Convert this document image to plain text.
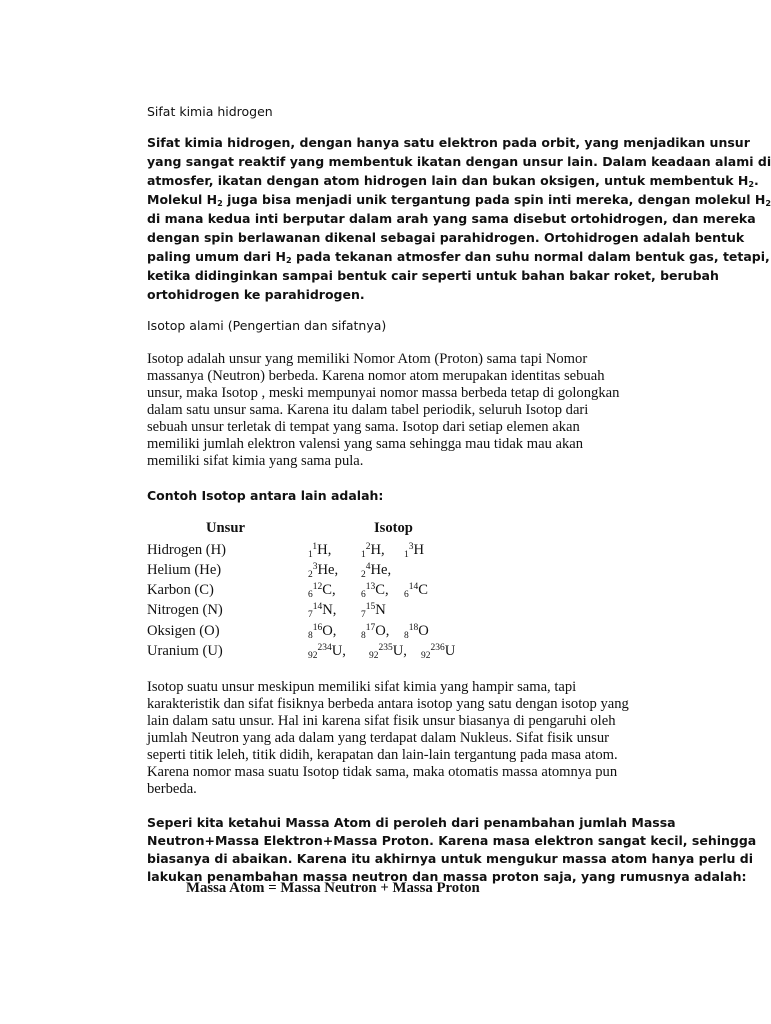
Sifat kimia hidrogen
Sifat kimia hidrogen, dengan hanya satu elektron pada orbit, yang menjadikan unsur
yang sangat reaktif yang membentuk ikatan dengan unsur lain. Dalam keadaan alami di
atmosfer, ikatan dengan atom hidrogen lain dan bukan oksigen, untuk membentuk $H_2$.
Molekul $H_2$ juga bisa menjadi unik tergantung pada spin inti mereka, dengan molekul $H_2$
di mana kedua inti berputar dalam arah yang sama disebut ortohidrogen, dan mereka
dengan spin berlawanan dikenal sebagai parahidrogen. Ortohidrogen adalah bentuk
paling umum dari $H_2$ pada tekanan atmosfer dan suhu normal dalam bentuk gas, tetapi,
ketika didinginkan sampai bentuk cair seperti untuk bahan bakar roket, berubah
ortohidrogen ke parahidrogen.
Isotop alami (Pengertian dan sifatnya)
Isotop adalah unsur yang memiliki Nomor Atom (Proton) sama tapi Nomor
massanya (Neutron) berbeda. Karena nomor atom merupakan identitas sebuah
unsur, maka Isotop , meski mempunyai nomor massa berbeda tetap di golongkan
dalam satu unsur sama. Karena itu dalam tabel periodik, seluruh Isotop dari
sebuah unsur terletak di tempat yang sama. Isotop dari setiap elemen akan
memiliki jumlah elektron valensi yang sama sehingga mau tidak mau akan
memiliki sifat kimia yang sama pula.
Contoh Isotop antara lain adalah:
Unsur	Isotop
Hidrogen (H)	$_1^1$H,	$_1^2$H, $_1^3$H
Helium (He)	$_2^3$He, $_2^4$He,
Karbon (C)	$_6^{12}$C,	$_6^{13}$C, $_6^{14}$C
Nitrogen (N)	$_7^{14}$N,	$_7^{15}$N
Oksigen (O)	$_8^{16}$O,	$_8^{17}$O, $_8^{18}$O
Uranium (U)	$_{92}^{234}$U, $_{92}^{235}$U, $_{92}^{236}$U
Isotop suatu unsur meskipun memiliki sifat kimia yang hampir sama, tapi
karakteristik dan sifat fisiknya berbeda antara isotop yang satu dengan isotop yang
lain dalam satu unsur. Hal ini karena sifat fisik unsur biasanya di pengaruhi oleh
jumlah Neutron yang ada dalam yang terdapat dalam Nukleus. Sifat fisik unsur
seperti titik leleh, titik didih, kerapatan dan lain-lain tergantung pada masa atom.
Karena nomor masa suatu Isotop tidak sama, maka otomatis massa atomnya pun
berbeda.
Seperi kita ketahui Massa Atom di peroleh dari penambahan jumlah Massa
Neutron+Massa Elektron+Massa Proton. Karena masa elektron sangat kecil, sehingga
biasanya di abaikan. Karena itu akhirnya untuk mengukur massa atom hanya perlu di
lakukan penambahan massa neutron dan massa proton saja, yang rumusnya adalah:
Massa Atom = Massa Neutron + Massa Proton
